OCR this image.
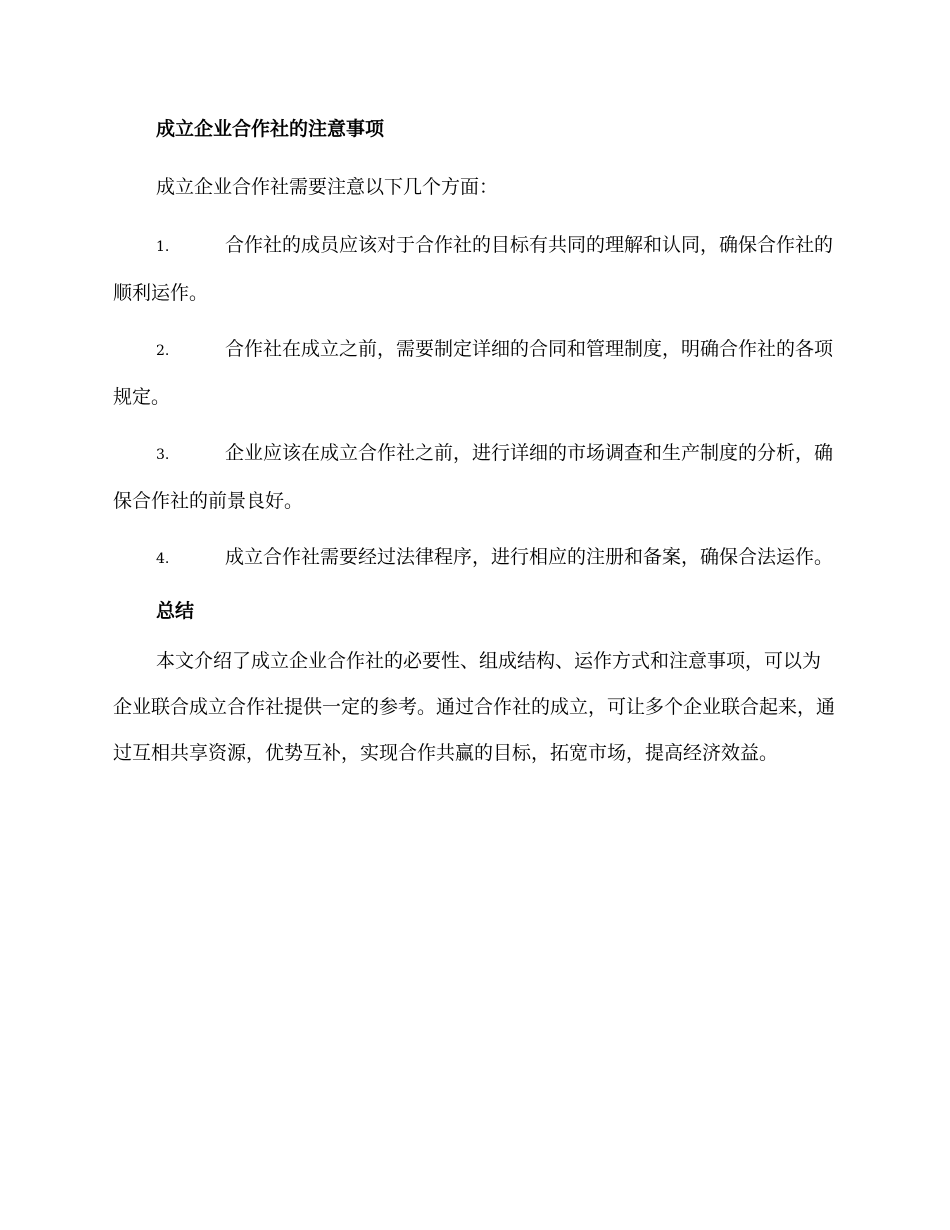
成立企业合作社的注意事项

成立企业合作社需要注意以下几个方面：

1.	合作社的成员应该对于合作社的目标有共同的理解和认同，确保合作社的顺利运作。

2.	合作社在成立之前，需要制定详细的合同和管理制度，明确合作社的各项规定。

3.	企业应该在成立合作社之前，进行详细的市场调查和生产制度的分析，确保合作社的前景良好。

4.	成立合作社需要经过法律程序，进行相应的注册和备案，确保合法运作。

总结

本文介绍了成立企业合作社的必要性、组成结构、运作方式和注意事项，可以为企业联合成立合作社提供一定的参考。通过合作社的成立，可让多个企业联合起来，通过互相共享资源，优势互补，实现合作共赢的目标，拓宽市场，提高经济效益。
